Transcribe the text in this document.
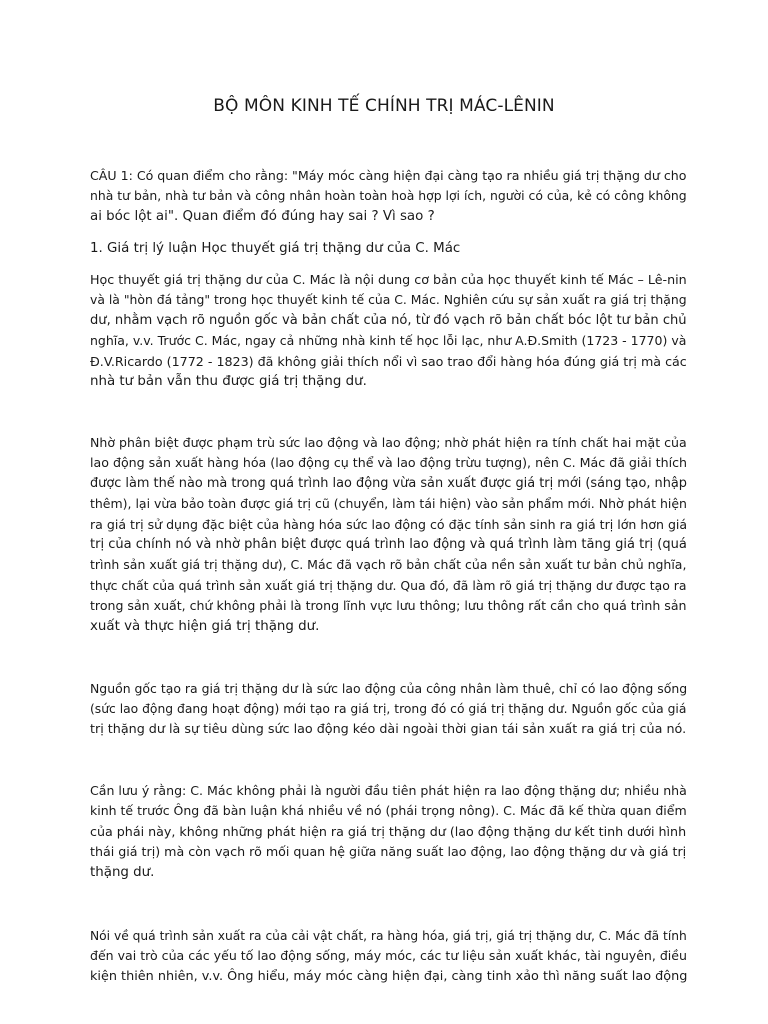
BỘ MÔN KINH TẾ CHÍNH TRỊ MÁC-LÊNIN

CÂU 1: Có quan điểm cho rằng: "Máy móc càng hiện đại càng tạo ra nhiều giá trị thặng dư cho
nhà tư bản, nhà tư bản và công nhân hoàn toàn hoà hợp lợi ích, người có của, kẻ có công không
ai bóc lột ai". Quan điểm đó đúng hay sai ? Vì sao ?

1. Giá trị lý luận Học thuyết giá trị thặng dư của C. Mác

Học thuyết giá trị thặng dư của C. Mác là nội dung cơ bản của học thuyết kinh tế Mác – Lê-nin
và là "hòn đá tảng" trong học thuyết kinh tế của C. Mác. Nghiên cứu sự sản xuất ra giá trị thặng
dư, nhằm vạch rõ nguồn gốc và bản chất của nó, từ đó vạch rõ bản chất bóc lột tư bản chủ
nghĩa, v.v. Trước C. Mác, ngay cả những nhà kinh tế học lỗi lạc, như A.Đ.Smith (1723 - 1770) và
Đ.V.Ricardo (1772 - 1823) đã không giải thích nổi vì sao trao đổi hàng hóa đúng giá trị mà các
nhà tư bản vẫn thu được giá trị thặng dư.

Nhờ phân biệt được phạm trù sức lao động và lao động; nhờ phát hiện ra tính chất hai mặt của
lao động sản xuất hàng hóa (lao động cụ thể và lao động trừu tượng), nên C. Mác đã giải thích
được làm thế nào mà trong quá trình lao động vừa sản xuất được giá trị mới (sáng tạo, nhập
thêm), lại vừa bảo toàn được giá trị cũ (chuyển, làm tái hiện) vào sản phẩm mới. Nhờ phát hiện
ra giá trị sử dụng đặc biệt của hàng hóa sức lao động có đặc tính sản sinh ra giá trị lớn hơn giá
trị của chính nó và nhờ phân biệt được quá trình lao động và quá trình làm tăng giá trị (quá
trình sản xuất giá trị thặng dư), C. Mác đã vạch rõ bản chất của nền sản xuất tư bản chủ nghĩa,
thực chất của quá trình sản xuất giá trị thặng dư. Qua đó, đã làm rõ giá trị thặng dư được tạo ra
trong sản xuất, chứ không phải là trong lĩnh vực lưu thông; lưu thông rất cần cho quá trình sản
xuất và thực hiện giá trị thặng dư.

Nguồn gốc tạo ra giá trị thặng dư là sức lao động của công nhân làm thuê, chỉ có lao động sống
(sức lao động đang hoạt động) mới tạo ra giá trị, trong đó có giá trị thặng dư. Nguồn gốc của giá
trị thặng dư là sự tiêu dùng sức lao động kéo dài ngoài thời gian tái sản xuất ra giá trị của nó.

Cần lưu ý rằng: C. Mác không phải là người đầu tiên phát hiện ra lao động thặng dư; nhiều nhà
kinh tế trước Ông đã bàn luận khá nhiều về nó (phái trọng nông). C. Mác đã kế thừa quan điểm
của phái này, không những phát hiện ra giá trị thặng dư (lao động thặng dư kết tinh dưới hình
thái giá trị) mà còn vạch rõ mối quan hệ giữa năng suất lao động, lao động thặng dư và giá trị
thặng dư.

Nói về quá trình sản xuất ra của cải vật chất, ra hàng hóa, giá trị, giá trị thặng dư, C. Mác đã tính
đến vai trò của các yếu tố lao động sống, máy móc, các tư liệu sản xuất khác, tài nguyên, điều
kiện thiên nhiên, v.v. Ông hiểu, máy móc càng hiện đại, càng tinh xảo thì năng suất lao động
